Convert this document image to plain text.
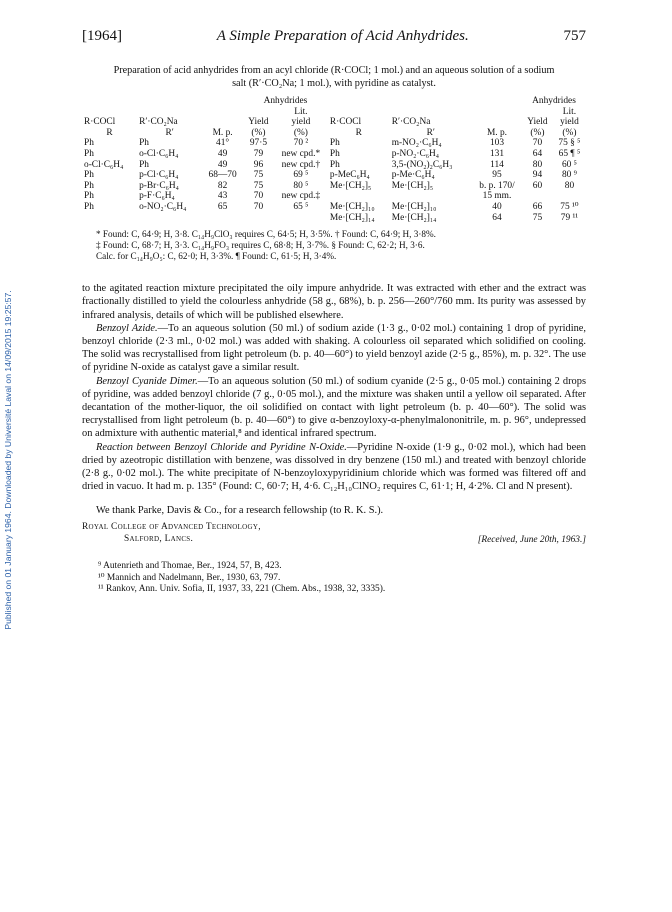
Published on 01 January 1964. Downloaded by Université Laval on 14/09/2015 19:25:57.
[1964]	A Simple Preparation of Acid Anhydrides.	757
Preparation of acid anhydrides from an acyl chloride (R·COCl; 1 mol.) and an aqueous solution of a sodium salt (R′·CO₂Na; 1 mol.), with pyridine as catalyst.
			Anhydrides					Anhydrides	
				Lit.					Lit.
R·COCl	R′·CO₂Na		Yield	yield	R·COCl	R′·CO₂Na		Yield	yield
R	R′	M. p.	(%)	(%)	R	R′	M. p.	(%)	(%)
Ph	Ph	41°	97·5	70 ²	Ph	m-NO₂·C₆H₄	103	70	75 § ⁵
Ph	o-Cl·C₆H₄	49	79	new cpd.*	Ph	p-NO₂·C₆H₄	131	64	65 ¶ ⁵
o-Cl·C₆H₄	Ph	49	96	new cpd.†	Ph	3,5-(NO₂)₂C₆H₃	114	80	60 ⁵
Ph	p-Cl·C₆H₄	68—70	75	69 ⁵	p-MeC₆H₄	p-Me·C₆H₄	95	94	80 ⁹
Ph	p-Br·C₆H₄	82	75	80 ⁵	Me·[CH₂]₅	Me·[CH₂]₅	b. p. 170/	60	80
Ph	p-F·C₆H₄	43	70	new cpd.‡			15 mm.		
Ph	o-NO₂·C₆H₄	65	70	65 ⁵	Me·[CH₂]₁₀	Me·[CH₂]₁₀	40	66	75 ¹⁰
					Me·[CH₂]₁₄	Me·[CH₂]₁₄	64	75	79 ¹¹
* Found: C, 64·9; H, 3·8. C₁₄H₉ClO₃ requires C, 64·5; H, 3·5%. † Found: C, 64·9; H, 3·8%.
‡ Found: C, 68·7; H, 3·3. C₁₄H₉FO₃ requires C, 68·8; H, 3·7%. § Found: C, 62·2; H, 3·6.
Calc. for C₁₄H₉O₅: C, 62·0; H, 3·3%. ¶ Found: C, 61·5; H, 3·4%.

to the agitated reaction mixture precipitated the oily impure anhydride. It was extracted with ether and the extract was fractionally distilled to yield the colourless anhydride (58 g., 68%), b. p. 256—260°/760 mm. Its purity was assessed by infrared analysis, details of which will be published elsewhere.

Benzoyl Azide.—To an aqueous solution (50 ml.) of sodium azide (1·3 g., 0·02 mol.) containing 1 drop of pyridine, benzoyl chloride (2·3 ml., 0·02 mol.) was added with shaking. A colourless oil separated which solidified on cooling. The solid was recrystallised from light petroleum (b. p. 40—60°) to yield benzoyl azide (2·5 g., 85%), m. p. 32°. The use of pyridine N-oxide as catalyst gave a similar result.

Benzoyl Cyanide Dimer.—To an aqueous solution (50 ml.) of sodium cyanide (2·5 g., 0·05 mol.) containing 2 drops of pyridine, was added benzoyl chloride (7 g., 0·05 mol.), and the mixture was shaken until a yellow oil separated. After decantation of the mother-liquor, the oil solidified on contact with light petroleum (b. p. 40—60°). The solid was recrystallised from light petroleum (b. p. 40—60°) to give α-benzoyloxy-α-phenylmalononitrile, m. p. 96°, undepressed on admixture with authentic material,⁸ and identical infrared spectrum.

Reaction between Benzoyl Chloride and Pyridine N-Oxide.—Pyridine N-oxide (1·9 g., 0·02 mol.), which had been dried by azeotropic distillation with benzene, was dissolved in dry benzene (150 ml.) and treated with benzoyl chloride (2·8 g., 0·02 mol.). The white precipitate of N-benzoyloxypyridinium chloride which was formed was filtered off and dried in vacuo. It had m. p. 135° (Found: C, 60·7; H, 4·6. C₁₂H₁₀ClNO₂ requires C, 61·1; H, 4·2%. Cl and N present).

We thank Parke, Davis & Co., for a research fellowship (to R. K. S.).
Royal College of Advanced Technology,
Salford, Lancs.	[Received, June 20th, 1963.]
⁹ Autenrieth and Thomae, Ber., 1924, 57, B, 423.
¹⁰ Mannich and Nadelmann, Ber., 1930, 63, 797.
¹¹ Rankov, Ann. Univ. Sofia, II, 1937, 33, 221 (Chem. Abs., 1938, 32, 3335).
